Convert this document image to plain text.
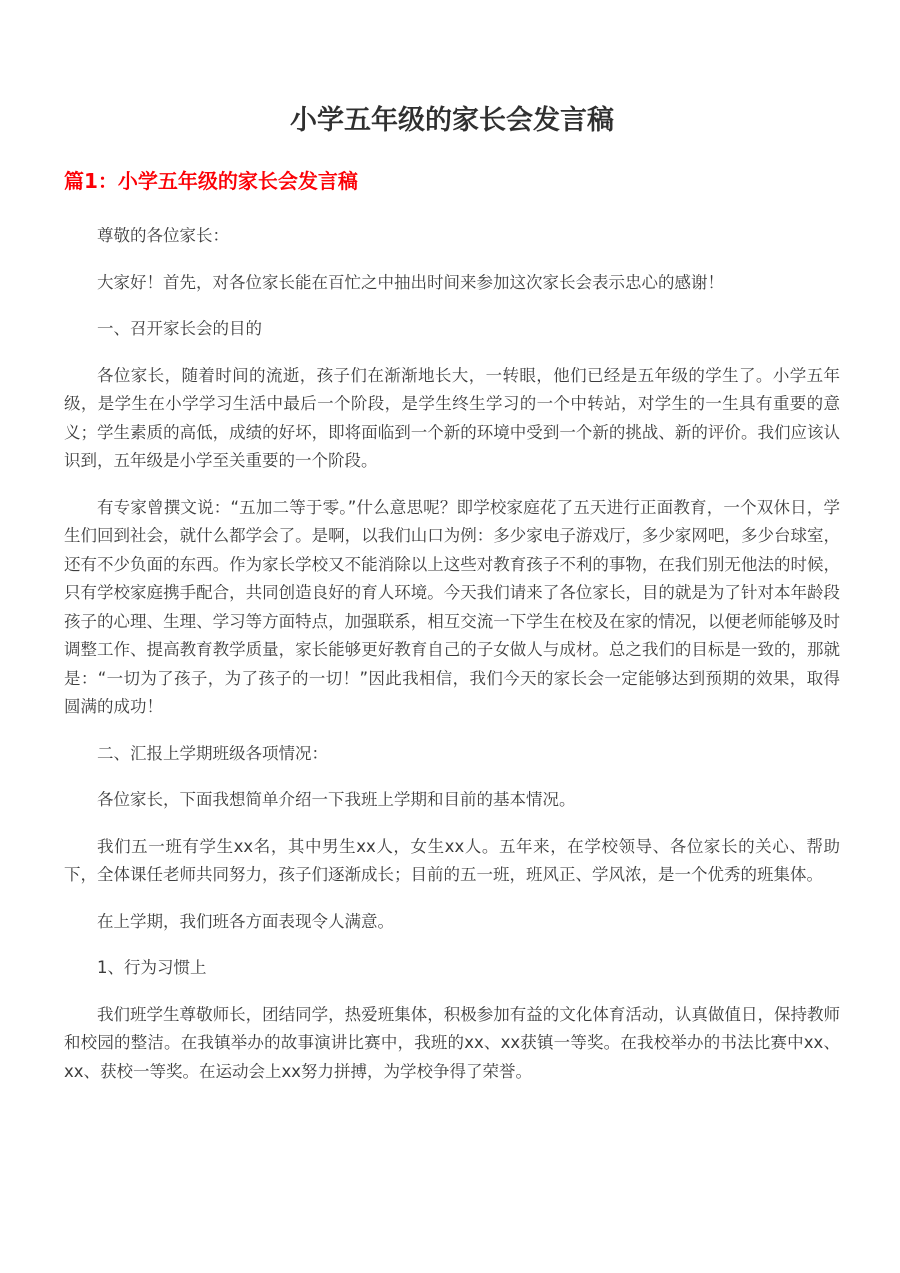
小学五年级的家长会发言稿
篇1：小学五年级的家长会发言稿

尊敬的各位家长：

大家好！首先，对各位家长能在百忙之中抽出时间来参加这次家长会表示忠心的感谢！

一、召开家长会的目的

各位家长，随着时间的流逝，孩子们在渐渐地长大，一转眼，他们已经是五年级的学生了。小学五年级，是学生在小学学习生活中最后一个阶段，是学生终生学习的一个中转站，对学生的一生具有重要的意义；学生素质的高低，成绩的好坏，即将面临到一个新的环境中受到一个新的挑战、新的评价。我们应该认识到，五年级是小学至关重要的一个阶段。

有专家曾撰文说：“五加二等于零。”什么意思呢？即学校家庭花了五天进行正面教育，一个双休日，学生们回到社会，就什么都学会了。是啊，以我们山口为例：多少家电子游戏厅，多少家网吧，多少台球室，还有不少负面的东西。作为家长学校又不能消除以上这些对教育孩子不利的事物，在我们别无他法的时候，只有学校家庭携手配合，共同创造良好的育人环境。今天我们请来了各位家长，目的就是为了针对本年龄段孩子的心理、生理、学习等方面特点，加强联系，相互交流一下学生在校及在家的情况，以便老师能够及时调整工作、提高教育教学质量，家长能够更好教育自己的子女做人与成材。总之我们的目标是一致的，那就是：“一切为了孩子，为了孩子的一切！”因此我相信，我们今天的家长会一定能够达到预期的效果，取得圆满的成功！

二、汇报上学期班级各项情况：

各位家长，下面我想简单介绍一下我班上学期和目前的基本情况。

我们五一班有学生xx名，其中男生xx人，女生xx人。五年来，在学校领导、各位家长的关心、帮助下，全体课任老师共同努力，孩子们逐渐成长；目前的五一班，班风正、学风浓，是一个优秀的班集体。

在上学期，我们班各方面表现令人满意。

1、行为习惯上

我们班学生尊敬师长，团结同学，热爱班集体，积极参加有益的文化体育活动，认真做值日，保持教师和校园的整洁。在我镇举办的故事演讲比赛中，我班的xx、xx获镇一等奖。在我校举办的书法比赛中xx、xx、获校一等奖。在运动会上xx努力拼搏，为学校争得了荣誉。
